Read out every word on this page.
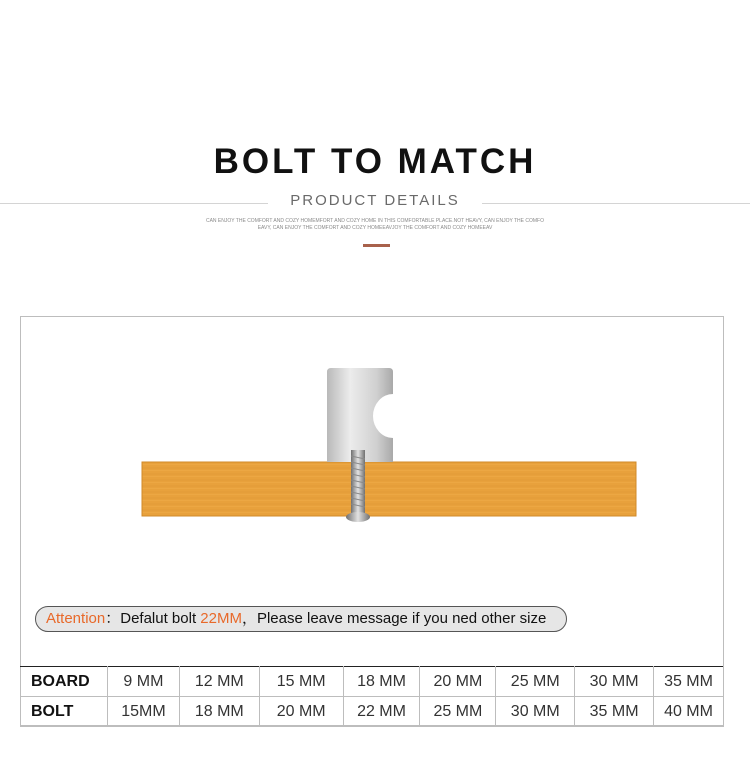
BOLT TO MATCH

PRODUCT DETAILS

CAN ENJOY THE COMFORT AND COZY HOMEMFORT AND COZY HOME IN THIS COMFORTABLE PLACE.NOT HEAVY, CAN ENJOY THE COMFO
EAVY, CAN ENJOY THE COMFORT AND COZY HOMEEAVJOY THE COMFORT AND COZY HOMEEAV

Attention：Defalut bolt 22MM，Please leave message if you ned other size
BOARD	9 MM	12 MM	15 MM	18 MM	20 MM	25 MM	30 MM	35 MM
BOLT	15MM	18 MM	20 MM	22 MM	25 MM	30 MM	35 MM	40 MM
